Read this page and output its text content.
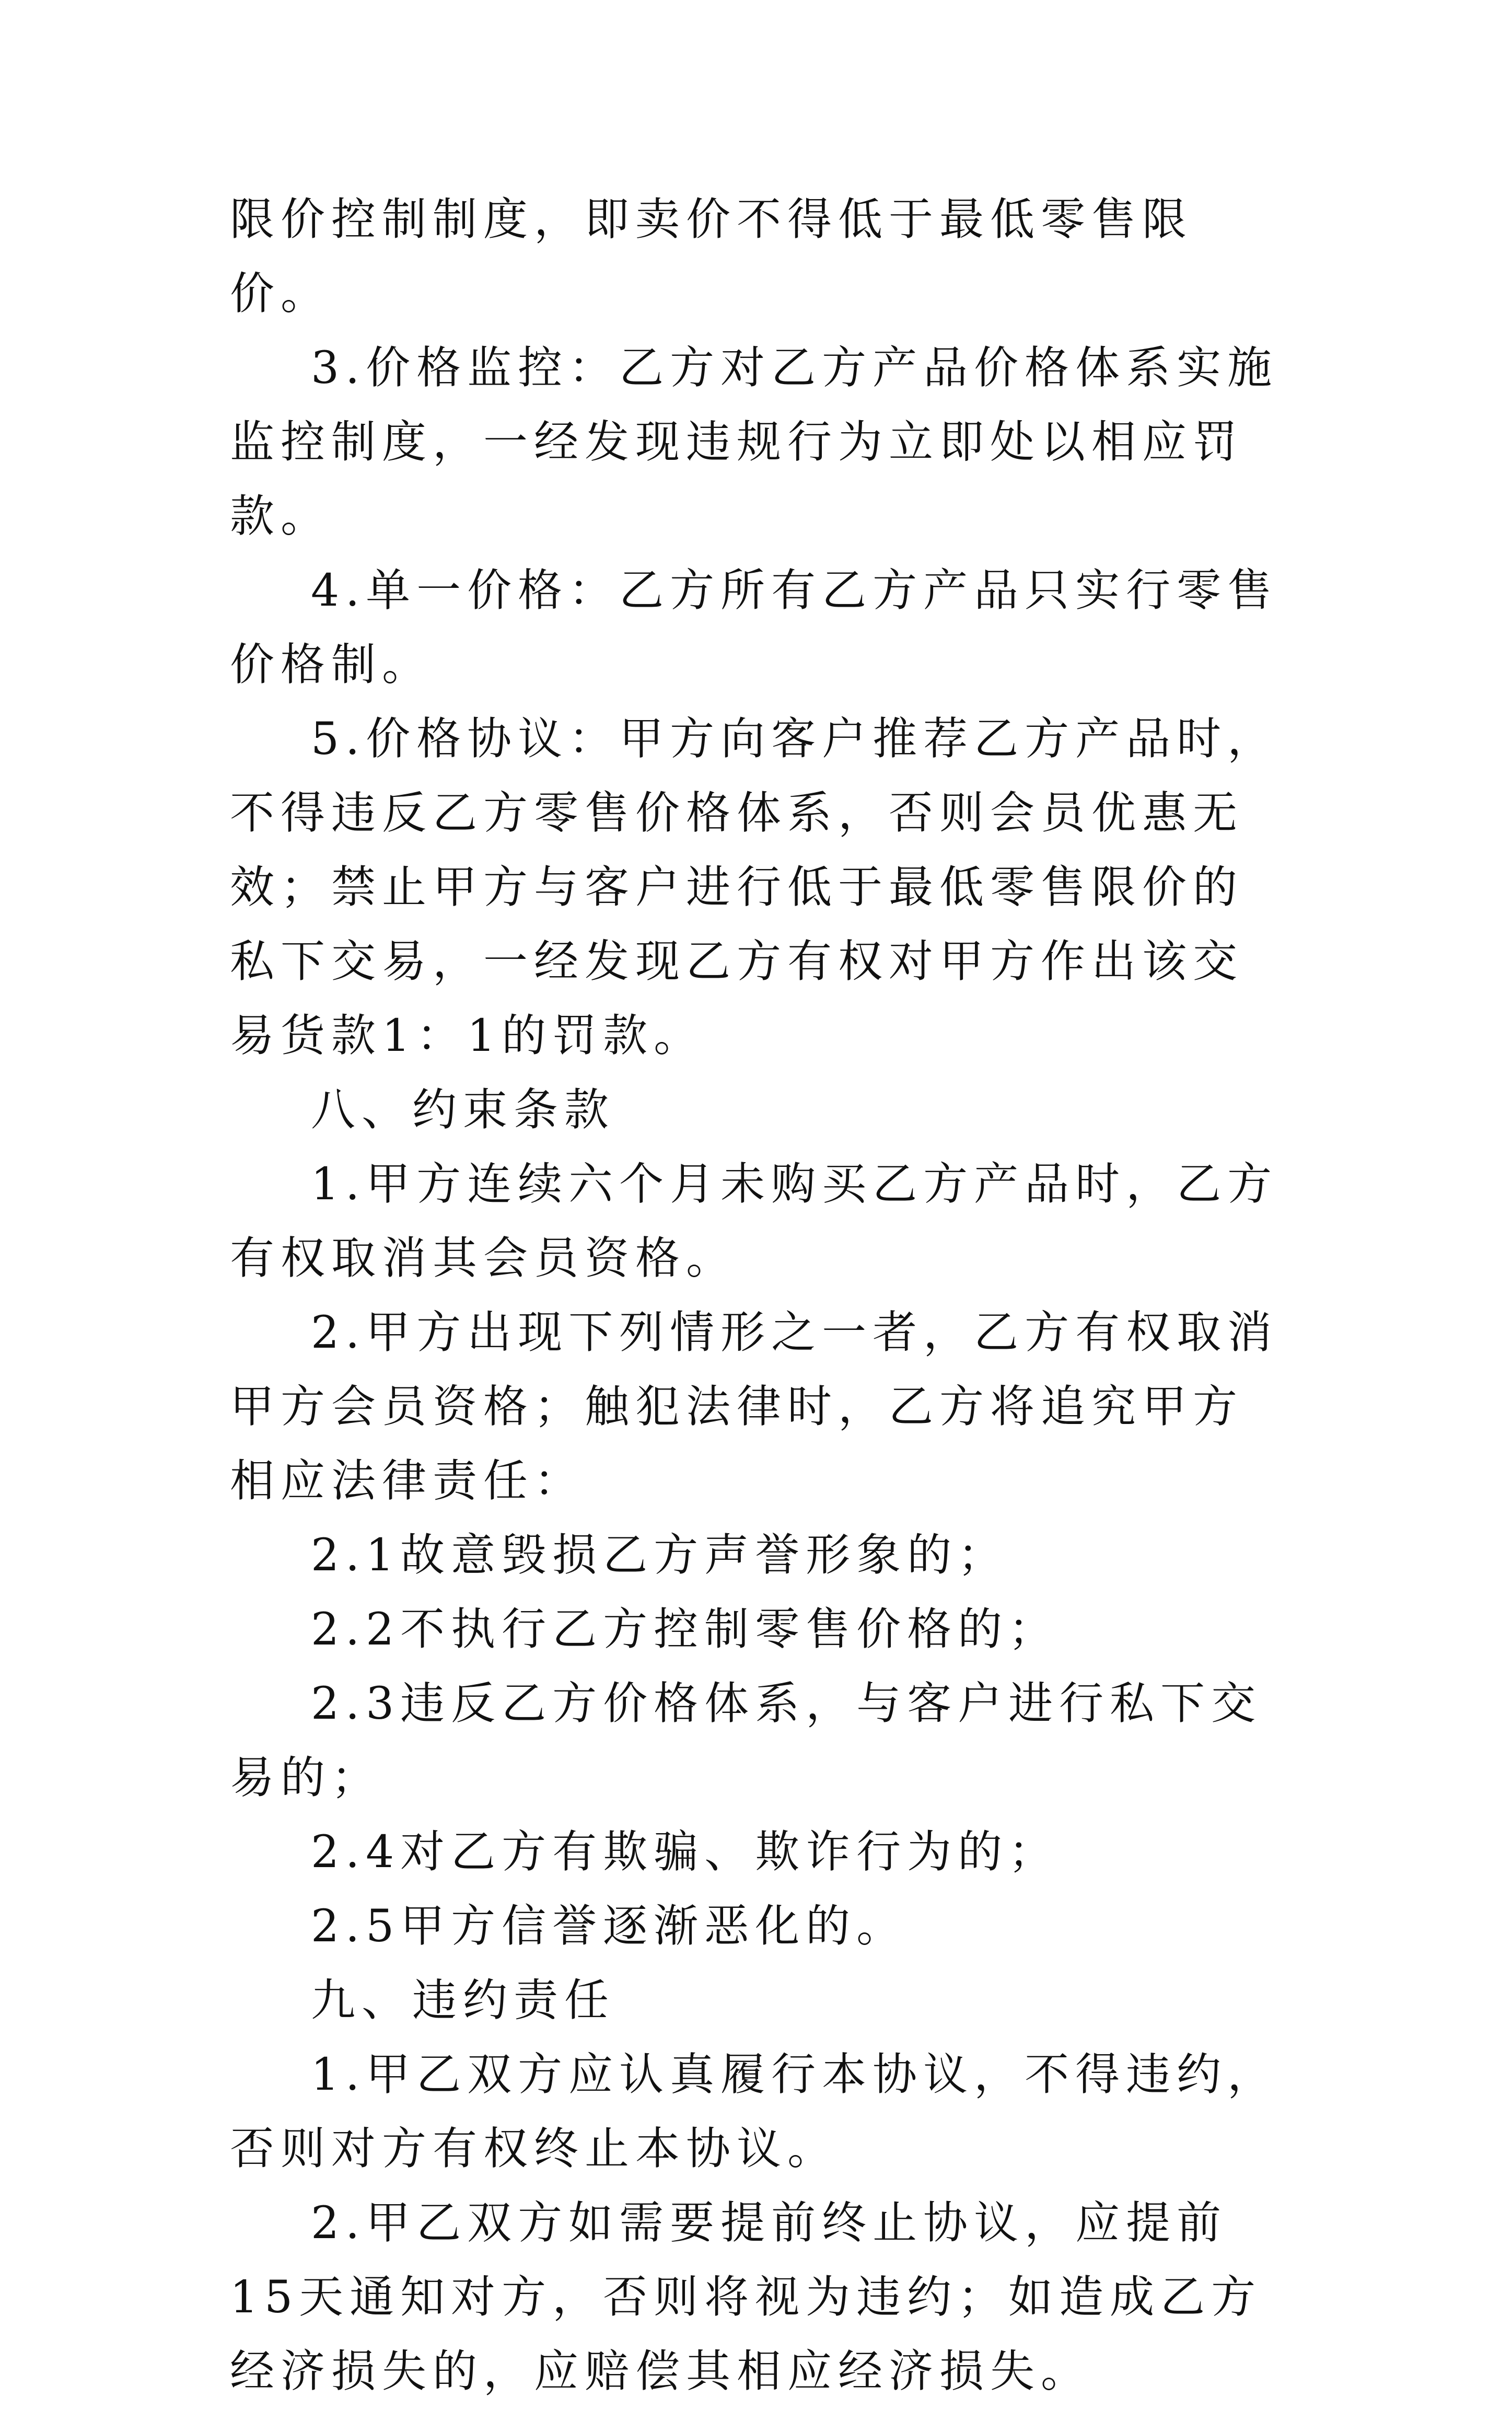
限价控制制度，即卖价不得低于最低零售限价。

3.价格监控：乙方对乙方产品价格体系实施监控制度，一经发现违规行为立即处以相应罚款。

4.单一价格：乙方所有乙方产品只实行零售价格制。

5.价格协议：甲方向客户推荐乙方产品时，不得违反乙方零售价格体系，否则会员优惠无效；禁止甲方与客户进行低于最低零售限价的私下交易，一经发现乙方有权对甲方作出该交易货款1：1的罚款。

八、约束条款

1.甲方连续六个月未购买乙方产品时，乙方有权取消其会员资格。

2.甲方出现下列情形之一者，乙方有权取消甲方会员资格；触犯法律时，乙方将追究甲方相应法律责任：

2.1故意毁损乙方声誉形象的；

2.2不执行乙方控制零售价格的；

2.3违反乙方价格体系，与客户进行私下交易的；

2.4对乙方有欺骗、欺诈行为的；

2.5甲方信誉逐渐恶化的。

九、违约责任

1.甲乙双方应认真履行本协议，不得违约，否则对方有权终止本协议。

2.甲乙双方如需要提前终止协议，应提前15天通知对方，否则将视为违约；如造成乙方经济损失的，应赔偿其相应经济损失。
